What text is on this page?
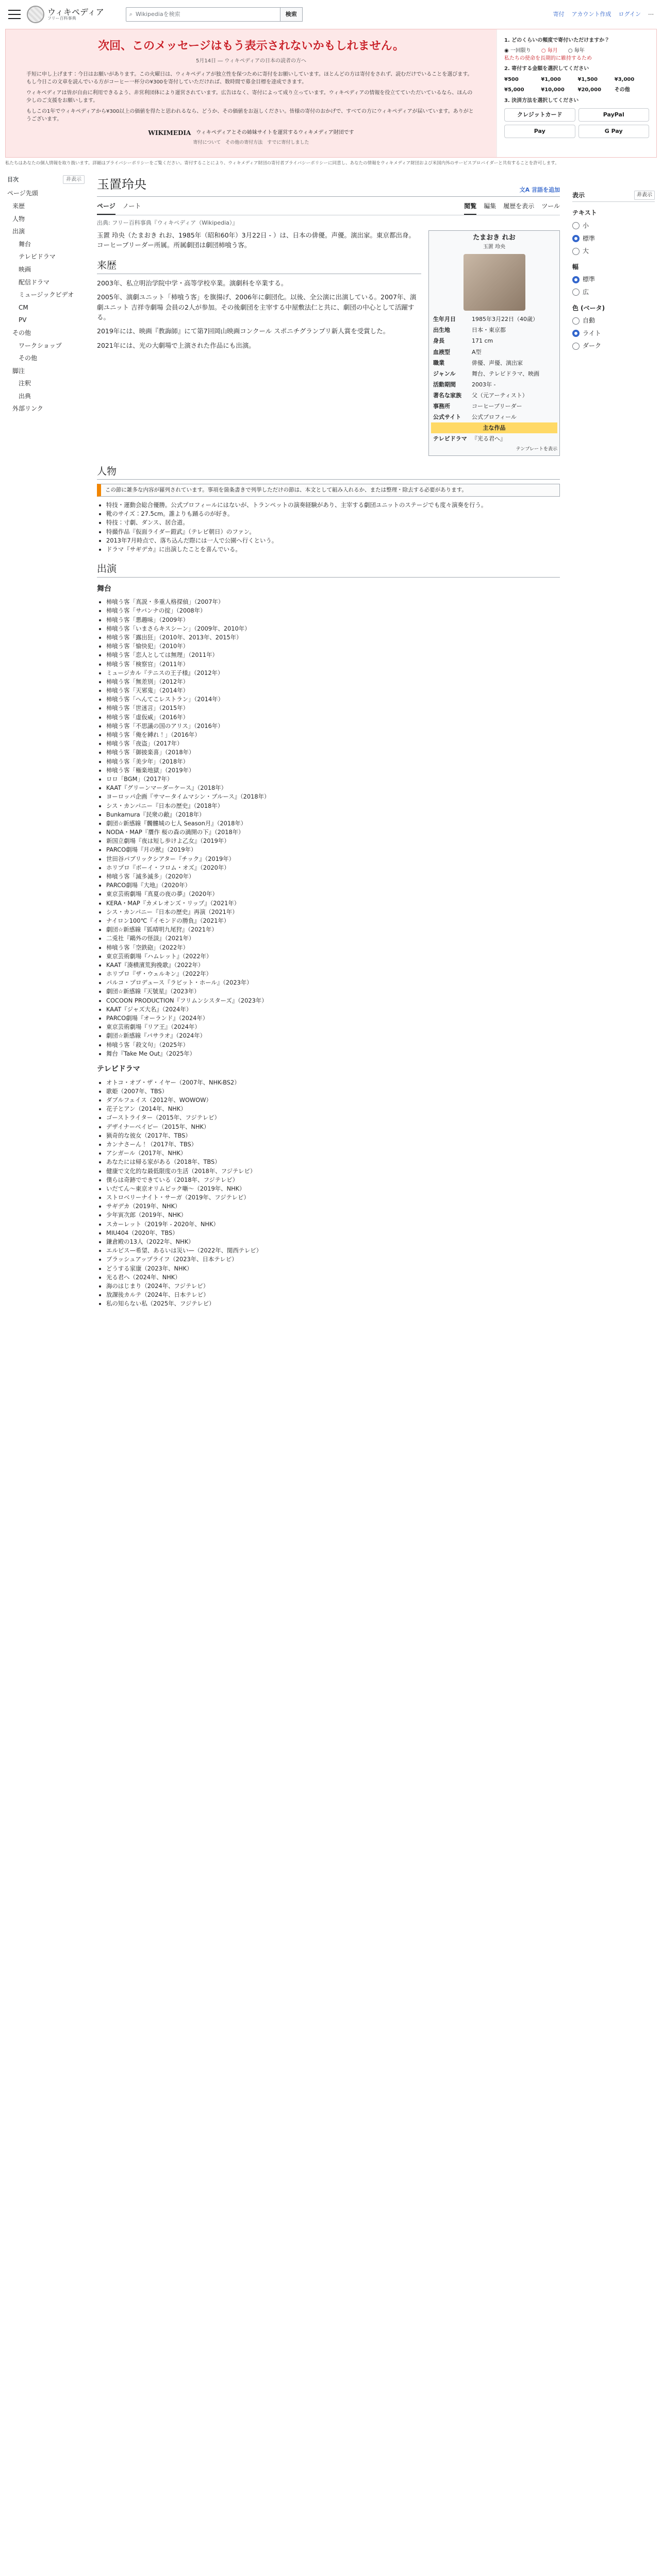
ウィキペディア
フリー百科事典
⌕ Wikipediaを検索	検索	寄付 アカウント作成 ログイン ⋯
次回、このメッセージはもう表示されないかもしれません。
5月14日 ― ウィキペディアの日本の読者の方へ
手短に申し上げます：今日はお願いがあります。この火曜日は、ウィキペディアが独立性を保つために寄付をお願いしています。ほとんどの方は寄付をされず、読むだけでいることを選びます。もし今日この文章を読んでいる方がコーヒー一杯分の¥300を寄付していただければ、数時間で募金目標を達成できます。
ウィキペディアは皆が自由に利用できるよう、非営利団体により運営されています。広告はなく、寄付によって成り立っています。ウィキペディアの情報を役立てていただいているなら、ほんの少しのご支援をお願いします。
もしこの1年でウィキペディアから¥300以上の価値を得たと思われるなら、どうか、その価値をお返しください。皆様の寄付のおかげで、すべての方にウィキペディアが届いています。ありがとうございます。
WIKIMEDIA ウィキペディアとその姉妹サイトを運営するウィキメディア財団です
寄付について　その他の寄付方法　すでに寄付しました
1. どのくらいの頻度で寄付いただけますか？
◉ 一回限り ○ 毎月 ○ 毎年
私たちの使命を長期的に維持するため
2. 寄付する金額を選択してください
¥500	¥1,000	¥1,500	¥3,000
¥5,000	¥10,000	¥20,000	その他
3. 決済方法を選択してください
クレジットカード	PayPal
Pay	G Pay
私たちはあなたの個人情報を取り扱います。詳細はプライバシーポリシーをご覧ください。寄付することにより、ウィキメディア財団の寄付者プライバシーポリシーに同意し、あなたの情報をウィキメディア財団および米国内外のサービスプロバイダーと共有することを許可します。
目次	非表示
ページ先頭
来歴
人物
出演
舞台
テレビドラマ
映画
配信ドラマ
ミュージックビデオ
CM
PV
その他
ワークショップ
その他
脚注
注釈
出典
外部リンク
玉置玲央	文A 言語を追加
ページ ノート	閲覧 編集 履歴を表示 ツール
出典: フリー百科事典『ウィキペディア（Wikipedia）』

玉置 玲央（たまおき れお、1985年（昭和60年）3月22日 - ）は、日本の俳優。声優。演出家。東京都出身。コーヒーブリーダー所属。所属劇団は劇団柿喰う客。

来歴

2003年、私立明治学院中学・高等学校卒業。演劇科を卒業する。

2005年、演劇ユニット「柿喰う客」を旗揚げ、2006年に劇団化。以後、全公演に出演している。2007年、演劇ユニット 吉祥寺劇場 会員の2人が参加。その後劇団を主宰する中屋敷法仁と共に、劇団の中心として活躍する。

2019年には、映画『教誨師』にて第7回岡山映画コンクール スポニチグランプリ新人賞を受賞した。

2021年には、光の大劇場で上演された作品にも出演。

たまおき れお
玉置 玲央
生年月日	1985年3月22日（40歳）
出生地	日本・東京都
身長	171 cm
血液型	A型
職業	俳優、声優、演出家
ジャンル	舞台、テレビドラマ、映画
活動期間	2003年 -
著名な家族	父（元アーティスト）
事務所	コーヒーブリーダー
公式サイト	公式プロフィール
主な作品
テレビドラマ	『光る君へ』
テンプレートを表示
人物
この節に雑多な内容が羅列されています。事項を箇条書きで列挙しただけの節は、本文として組み入れるか、または整理・除去する必要があります。
• 特技・運動会総合優勝。公式プロフィールにはないが、トランペットの演奏経験があり、主宰する劇団ユニットのステージでも度々演奏を行う。
• 靴のサイズ：27.5cm。誰よりも踊るのが好き。
• 特技：寸劇、ダンス、居合道。
• 特撮作品『仮面ライダー鎧武』（テレビ朝日）のファン。
• 2013年7月時点で、落ち込んだ際には一人で公園へ行くという。
• ドラマ『サギデカ』に出演したことを喜んでいる。
出演
舞台
• 柿喰う客「真説・多重人格探偵」（2007年）
• 柿喰う客「サバンナの掟」（2008年）
• 柿喰う客「悪趣味」（2009年）
• 柿喰う客「いまさらキスシーン」（2009年、2010年）
• 柿喰う客「露出狂」（2010年、2013年、2015年）
• 柿喰う客「愉快犯」（2010年）
• 柿喰う客「恋人としては無理」（2011年）
• 柿喰う客「検察官」（2011年）
• ミュージカル『テニスの王子様』（2012年）
• 柿喰う客「無差別」（2012年）
• 柿喰う客「天邪鬼」（2014年）
• 柿喰う客「へんてこレストラン」（2014年）
• 柿喰う客「世迷言」（2015年）
• 柿喰う客「虚仮威」（2016年）
• 柿喰う客「不思議の国のアリス」（2016年）
• 柿喰う客「俺を縛れ！」（2016年）
• 柿喰う客「夜盗」（2017年）
• 柿喰う客「御披楽喜」（2018年）
• 柿喰う客「美少年」（2018年）
• 柿喰う客「極楽地獄」（2019年）
• ロロ「BGM」（2017年）
• KAAT『グリーンマーダーケース』（2018年）
• ヨーロッパ企画『サマータイムマシン・ブルース』（2018年）
• シス・カンパニー『日本の歴史』（2018年）
• Bunkamura『民衆の敵』（2018年）
• 劇団☆新感線『髑髏城の七人 Season月』（2018年）
• NODA・MAP『贋作 桜の森の満開の下』（2018年）
• 新国立劇場『夜は短し歩けよ乙女』（2019年）
• PARCO劇場『月の獣』（2019年）
• 世田谷パブリックシアター『チック』（2019年）
• ホリプロ『ボーイ・フロム・オズ』（2020年）
• 柿喰う客「滅多滅多」（2020年）
• PARCO劇場『大地』（2020年）
• 東京芸術劇場『真夏の夜の夢』（2020年）
• KERA・MAP『カメレオンズ・リップ』（2021年）
• シス・カンパニー『日本の歴史』再演（2021年）
• ナイロン100℃『イモンドの勝負』（2021年）
• 劇団☆新感線『狐晴明九尾狩』（2021年）
• 二兎社『鷗外の怪談』（2021年）
• 柿喰う客「空鉄砲」（2022年）
• 東京芸術劇場『ハムレット』（2022年）
• KAAT『湊横濱荒狗挽歌』（2022年）
• ホリプロ『ザ・ウェルキン』（2022年）
• パルコ・プロデュース『ラビット・ホール』（2023年）
• 劇団☆新感線『天號星』（2023年）
• COCOON PRODUCTION『フリムンシスターズ』（2023年）
• KAAT『ジャズ大名』（2024年）
• PARCO劇場『オーランド』（2024年）
• 東京芸術劇場『リア王』（2024年）
• 劇団☆新感線『バサラオ』（2024年）
• 柿喰う客「殺文句」（2025年）
• 舞台『Take Me Out』（2025年）
テレビドラマ
• オトコ・オブ・ザ・イヤー（2007年、NHK-BS2）
• 歌姫（2007年、TBS）
• ダブルフェイス（2012年、WOWOW）
• 花子とアン（2014年、NHK）
• ゴーストライター（2015年、フジテレビ）
• デザイナーベイビー（2015年、NHK）
• 猟奇的な彼女（2017年、TBS）
• カンナさーん！（2017年、TBS）
• アシガール（2017年、NHK）
• あなたには帰る家がある（2018年、TBS）
• 健康で文化的な最低限度の生活（2018年、フジテレビ）
• 僕らは奇跡でできている（2018年、フジテレビ）
• いだてん〜東京オリムピック噺〜（2019年、NHK）
• ストロベリーナイト・サーガ（2019年、フジテレビ）
• サギデカ（2019年、NHK）
• 少年寅次郎（2019年、NHK）
• スカーレット（2019年 - 2020年、NHK）
• MIU404（2020年、TBS）
• 鎌倉殿の13人（2022年、NHK）
• エルピス—希望、あるいは災い—（2022年、関西テレビ）
• ブラッシュアップライフ（2023年、日本テレビ）
• どうする家康（2023年、NHK）
• 光る君へ（2024年、NHK）
• 海のはじまり（2024年、フジテレビ）
• 放課後カルテ（2024年、日本テレビ）
• 私の知らない私（2025年、フジテレビ）
表示	非表示
テキスト
小
標準
大
幅
標準
広
色 (ベータ)
自動
ライト
ダーク
